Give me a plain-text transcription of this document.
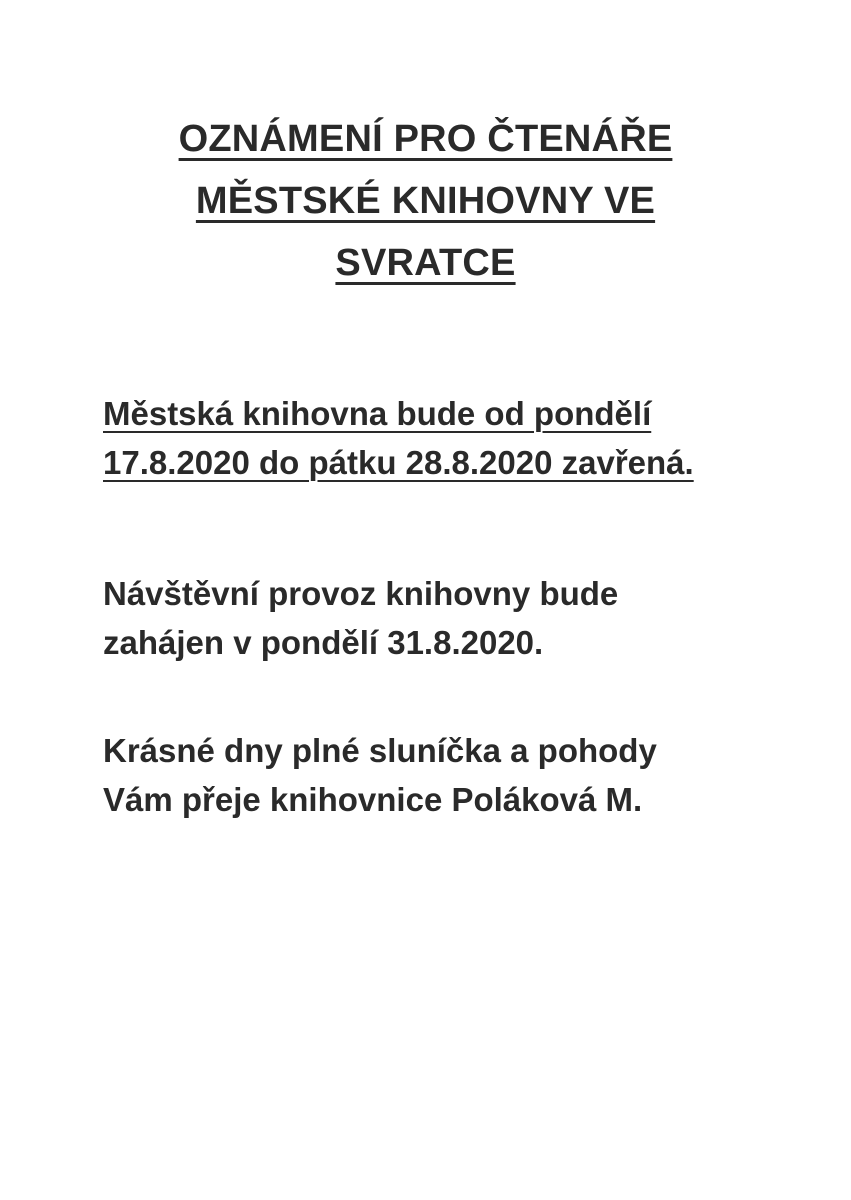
OZNÁMENÍ PRO ČTENÁŘE
MĚSTSKÉ KNIHOVNY VE
SVRATCE
Městská knihovna bude od pondělí
17.8.2020 do pátku 28.8.2020 zavřená.
Návštěvní provoz knihovny bude
zahájen v pondělí 31.8.2020.
Krásné dny plné sluníčka a pohody
Vám přeje knihovnice Poláková M.
